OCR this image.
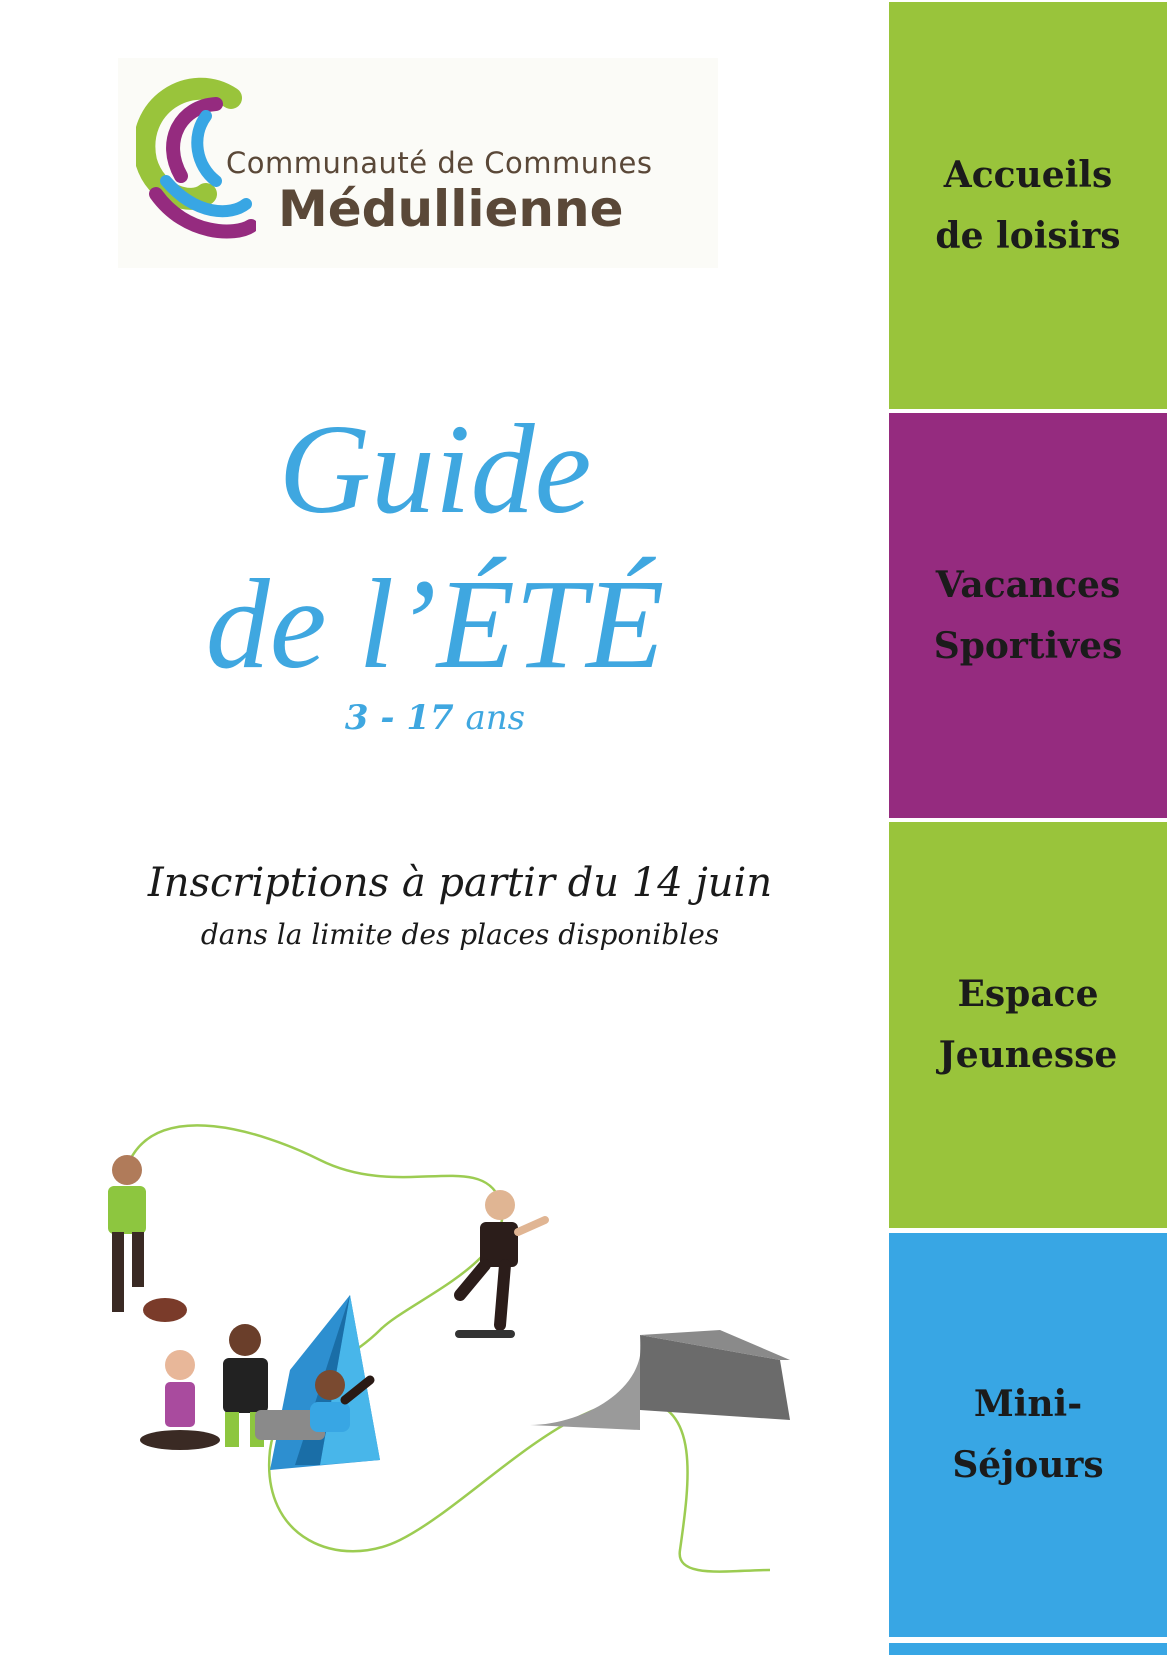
Communauté de Communes
Médullienne
Guide
de l’ÉTÉ
3 - 17 ans
Inscriptions à partir du 14 juin
dans la limite des places disponibles
Accueils
de loisirs
Vacances
Sportives
Espace
Jeunesse
Mini-
Séjours
